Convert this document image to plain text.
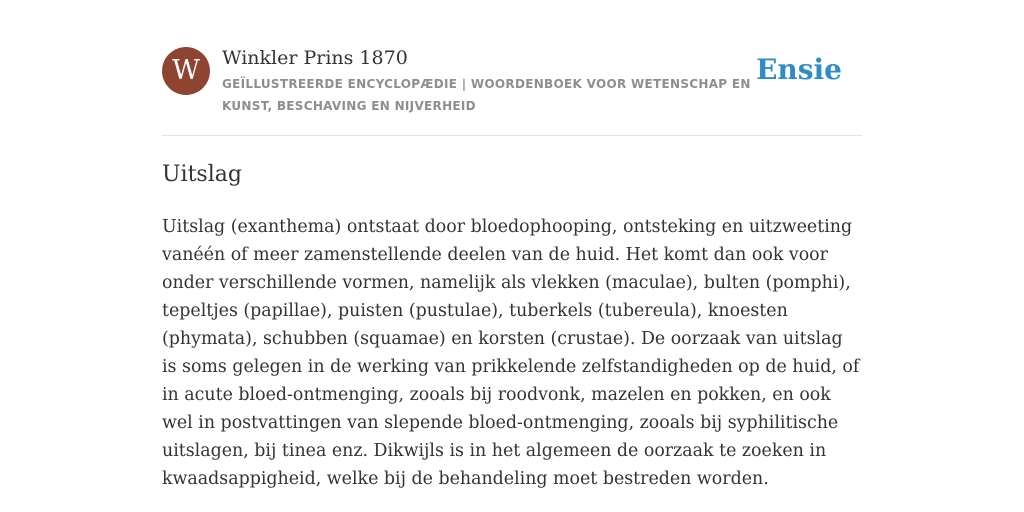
W	Winkler Prins 1870
GEÏLLUSTREERDE ENCYCLOPÆDIE | WOORDENBOEK VOOR WETENSCHAP EN KUNST, BESCHAVING EN NIJVERHEID
Ensie
Uitslag

Uitslag (exanthema) ontstaat door bloedophooping, ontsteking en uitzweeting vanéén of meer zamenstellende deelen van de huid. Het komt dan ook voor onder verschillende vormen, namelijk als vlekken (maculae), bulten (pomphi), tepeltjes (papillae), puisten (pustulae), tuberkels (tubereula), knoesten (phymata), schubben (squamae) en korsten (crustae). De oorzaak van uitslag is soms gelegen in de werking van prikkelende zelfstandigheden op de huid, of in acute bloed-ontmenging, zooals bij roodvonk, mazelen en pokken, en ook wel in postvattingen van slepende bloed-ontmenging, zooals bij syphilitische uitslagen, bij tinea enz. Dikwijls is in het algemeen de oorzaak te zoeken in kwaadsappigheid, welke bij de behandeling moet bestreden worden.
